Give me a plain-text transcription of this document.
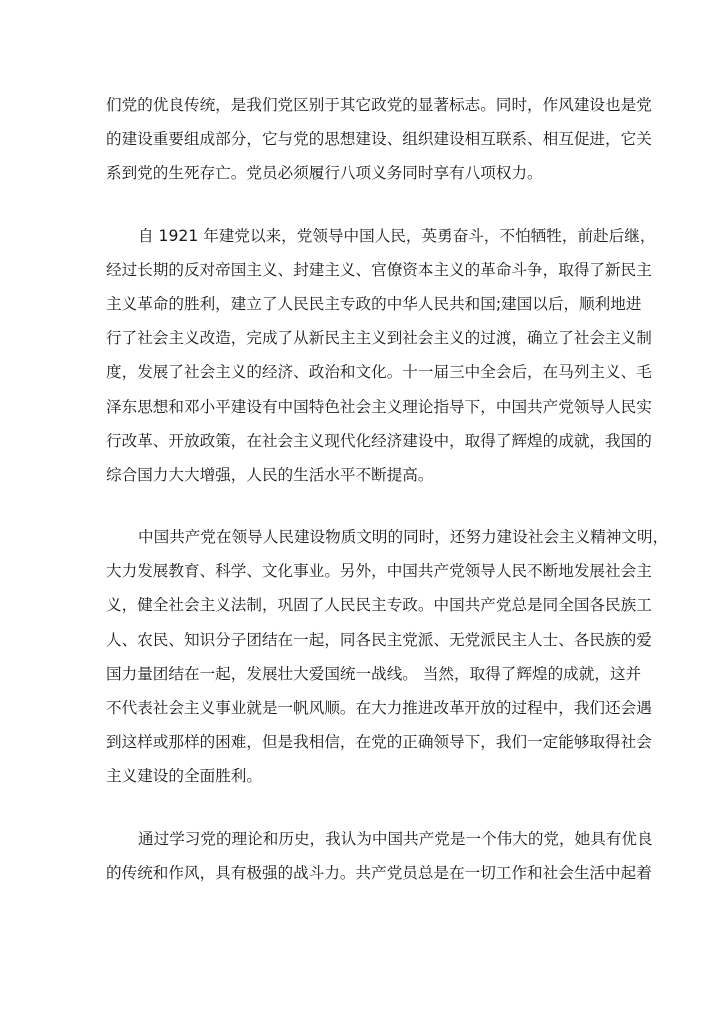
们党的优良传统，是我们党区别于其它政党的显著标志。同时，作风建设也是党
的建设重要组成部分，它与党的思想建设、组织建设相互联系、相互促进，它关
系到党的生死存亡。党员必须履行八项义务同时享有八项权力。
自 1921 年建党以来，党领导中国人民，英勇奋斗，不怕牺牲，前赴后继，
经过长期的反对帝国主义、封建主义、官僚资本主义的革命斗争，取得了新民主
主义革命的胜利，建立了人民民主专政的中华人民共和国;建国以后，顺利地进
行了社会主义改造，完成了从新民主主义到社会主义的过渡，确立了社会主义制
度，发展了社会主义的经济、政治和文化。十一届三中全会后，在马列主义、毛
泽东思想和邓小平建设有中国特色社会主义理论指导下，中国共产党领导人民实
行改革、开放政策，在社会主义现代化经济建设中，取得了辉煌的成就，我国的
综合国力大大增强，人民的生活水平不断提高。
中国共产党在领导人民建设物质文明的同时，还努力建设社会主义精神文明，
大力发展教育、科学、文化事业。另外，中国共产党领导人民不断地发展社会主
义，健全社会主义法制，巩固了人民民主专政。中国共产党总是同全国各民族工
人、农民、知识分子团结在一起，同各民主党派、无党派民主人士、各民族的爱
国力量团结在一起，发展壮大爱国统一战线。 当然，取得了辉煌的成就，这并
不代表社会主义事业就是一帆风顺。在大力推进改革开放的过程中，我们还会遇
到这样或那样的困难，但是我相信，在党的正确领导下，我们一定能够取得社会
主义建设的全面胜利。
通过学习党的理论和历史，我认为中国共产党是一个伟大的党，她具有优良
的传统和作风，具有极强的战斗力。共产党员总是在一切工作和社会生活中起着
